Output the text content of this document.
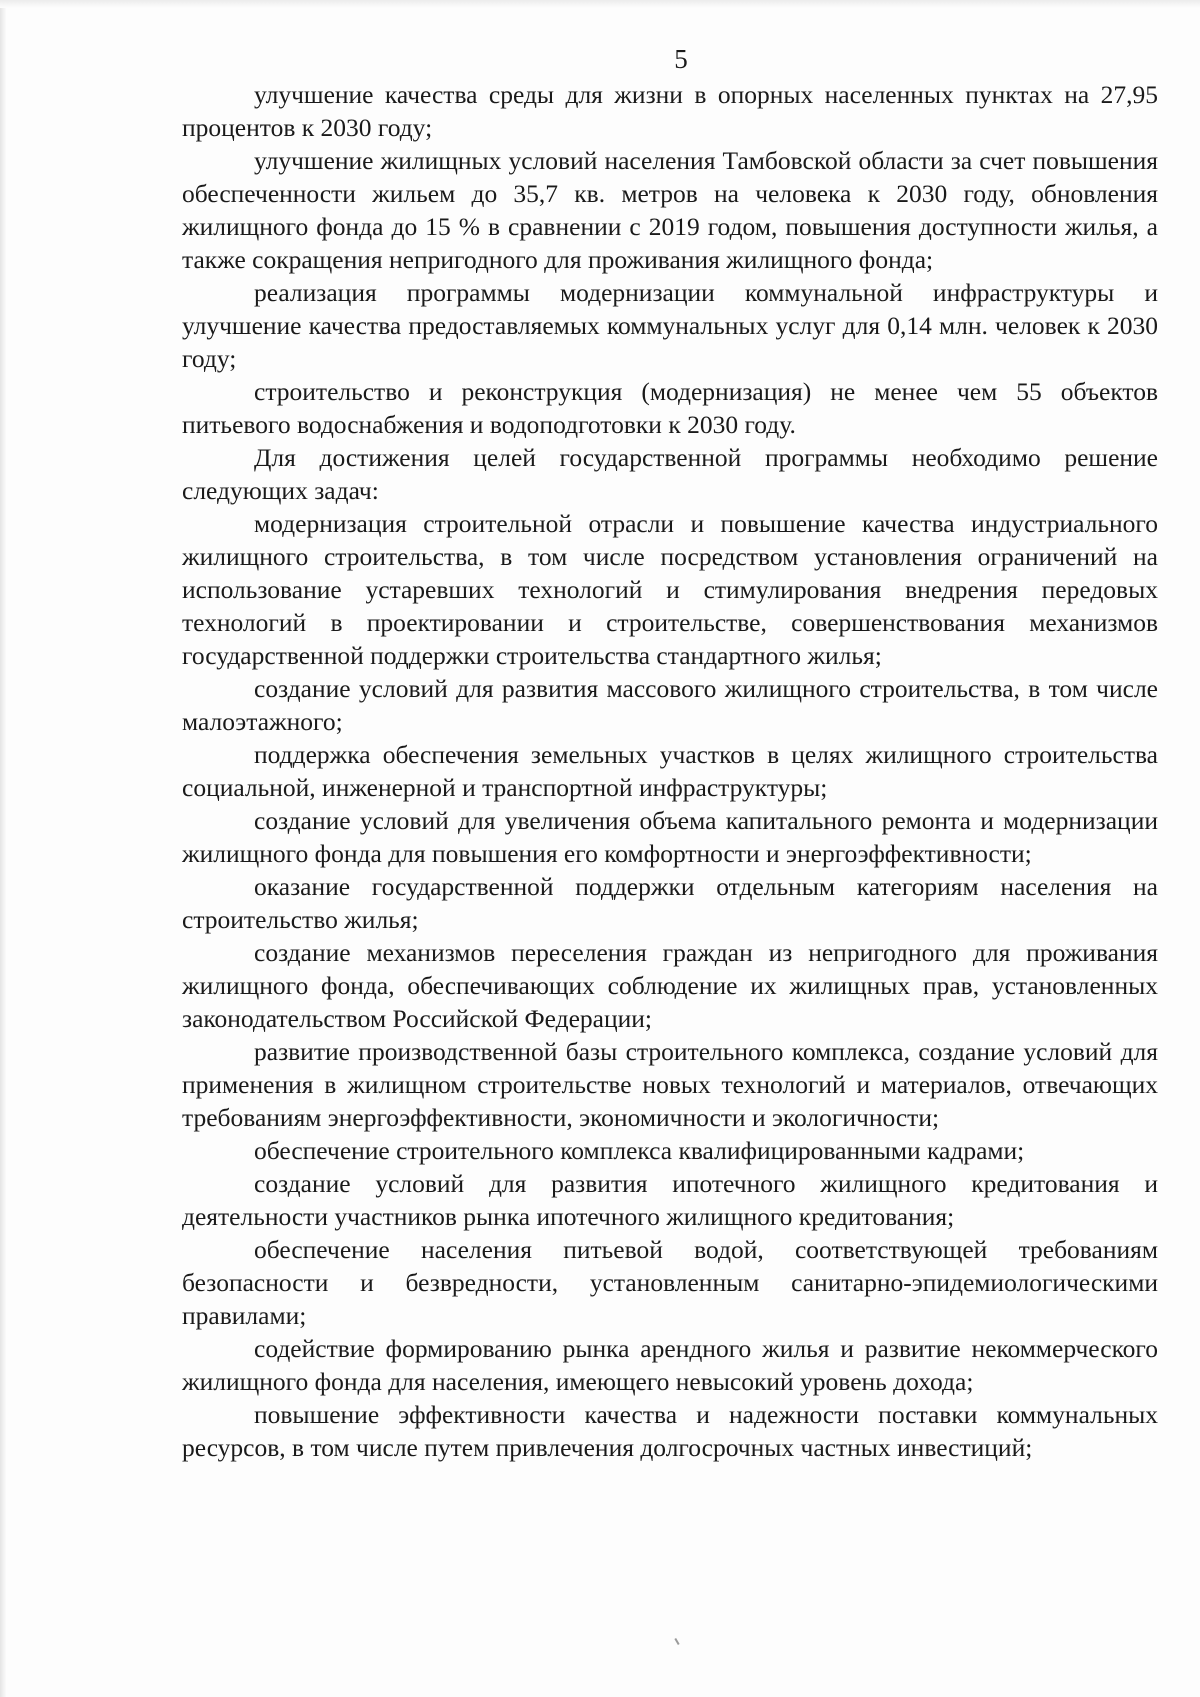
5

улучшение качества среды для жизни в опорных населенных пунктах на 27,95 процентов к 2030 году;

улучшение жилищных условий населения Тамбовской области за счет повышения обеспеченности жильем до 35,7 кв. метров на человека к 2030 году, обновления жилищного фонда до 15 % в сравнении с 2019 годом, повышения доступности жилья, а также сокращения непригодного для проживания жилищного фонда;

реализация программы модернизации коммунальной инфраструктуры и улучшение качества предоставляемых коммунальных услуг для 0,14 млн. человек к 2030 году;

строительство и реконструкция (модернизация) не менее чем 55 объектов питьевого водоснабжения и водоподготовки к 2030 году.

Для достижения целей государственной программы необходимо решение следующих задач:

модернизация строительной отрасли и повышение качества индустриального жилищного строительства, в том числе посредством установления ограничений на использование устаревших технологий и стимулирования внедрения передовых технологий в проектировании и строительстве, совершенствования механизмов государственной поддержки строительства стандартного жилья;

создание условий для развития массового жилищного строительства, в том числе малоэтажного;

поддержка обеспечения земельных участков в целях жилищного строительства социальной, инженерной и транспортной инфраструктуры;

создание условий для увеличения объема капитального ремонта и модернизации жилищного фонда для повышения его комфортности и энергоэффективности;

оказание государственной поддержки отдельным категориям населения на строительство жилья;

создание механизмов переселения граждан из непригодного для проживания жилищного фонда, обеспечивающих соблюдение их жилищных прав, установленных законодательством Российской Федерации;

развитие производственной базы строительного комплекса, создание условий для применения в жилищном строительстве новых технологий и материалов, отвечающих требованиям энергоэффективности, экономичности и экологичности;

обеспечение строительного комплекса квалифицированными кадрами;

создание условий для развития ипотечного жилищного кредитования и деятельности участников рынка ипотечного жилищного кредитования;

обеспечение населения питьевой водой, соответствующей требованиям безопасности и безвредности, установленным санитарно-эпидемиологическими правилами;

содействие формированию рынка арендного жилья и развитие некоммерческого жилищного фонда для населения, имеющего невысокий уровень дохода;

повышение эффективности качества и надежности поставки коммунальных ресурсов, в том числе путем привлечения долгосрочных частных инвестиций;
